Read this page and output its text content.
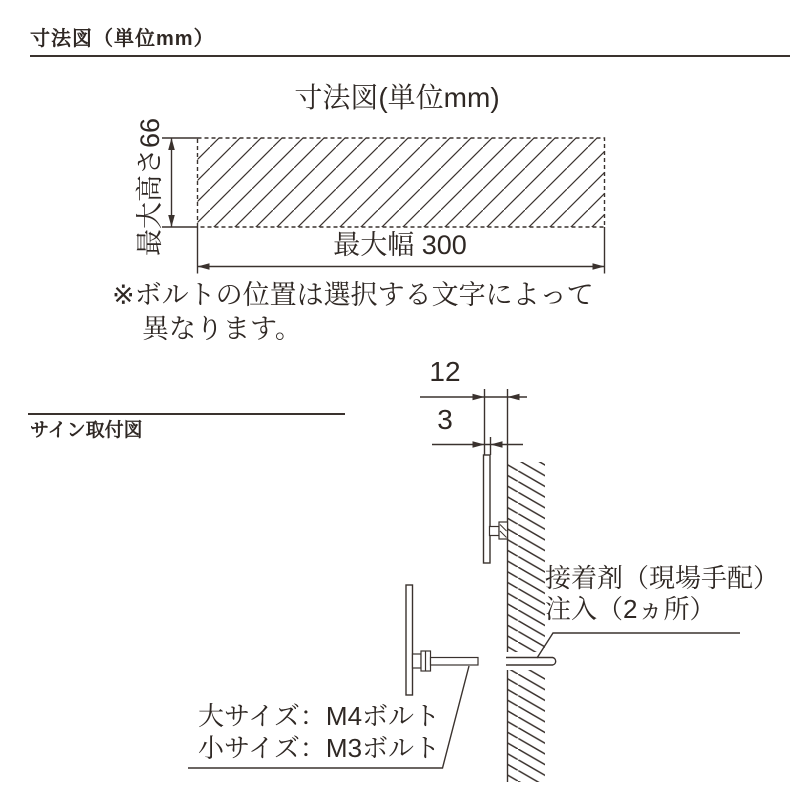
寸法図（単位mm）
寸法図(単位mm)
最大高さ66	最大幅 300
※ボルトの位置は選択する文字によって
異なります。
サイン取付図
12
3
接着剤（現場手配）
注入（2ヵ所）
大サイズ：M4ボルト
小サイズ：M3ボルト
